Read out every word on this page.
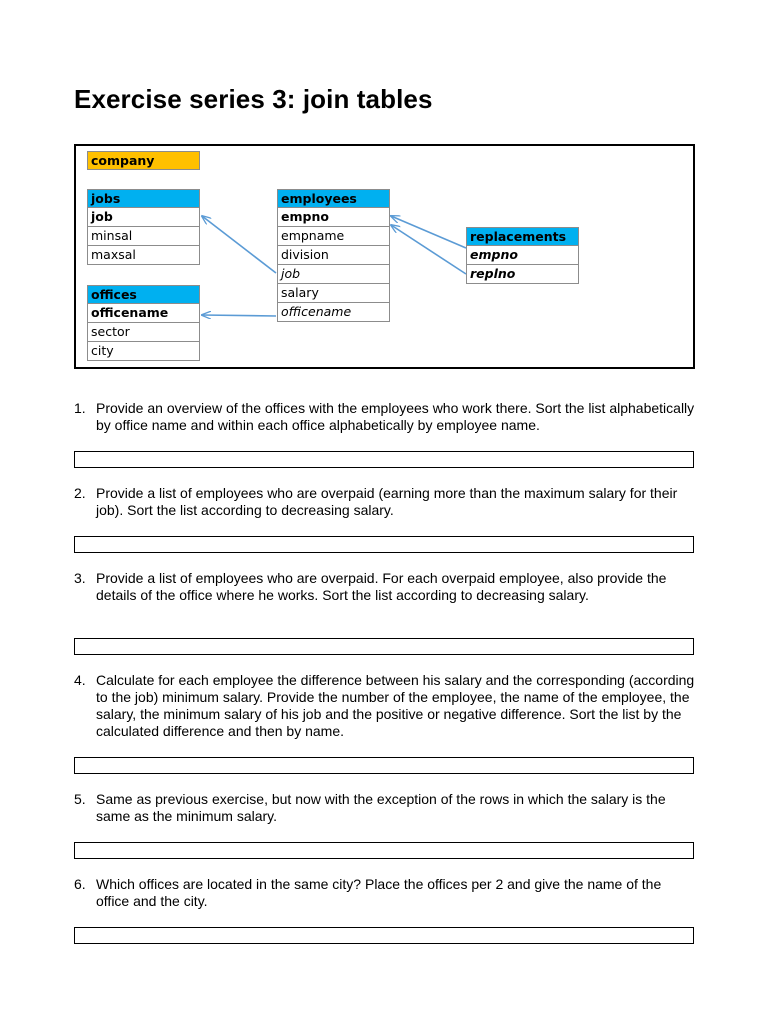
Exercise series 3: join tables
company
jobs
job
minsal
maxsal
offices
officename
sector
city
employees
empno
empname
division
job
salary
officename
replacements
empno
replno
1. Provide an overview of the offices with the employees who work there. Sort the list alphabetically by office name and within each office alphabetically by employee name.
2. Provide a list of employees who are overpaid (earning more than the maximum salary for their job). Sort the list according to decreasing salary.
3. Provide a list of employees who are overpaid. For each overpaid employee, also provide the details of the office where he works. Sort the list according to decreasing salary.
4. Calculate for each employee the difference between his salary and the corresponding (according to the job) minimum salary. Provide the number of the employee, the name of the employee, the salary, the minimum salary of his job and the positive or negative difference. Sort the list by the calculated difference and then by name.
5. Same as previous exercise, but now with the exception of the rows in which the salary is the same as the minimum salary.
6. Which offices are located in the same city? Place the offices per 2 and give the name of the office and the city.
